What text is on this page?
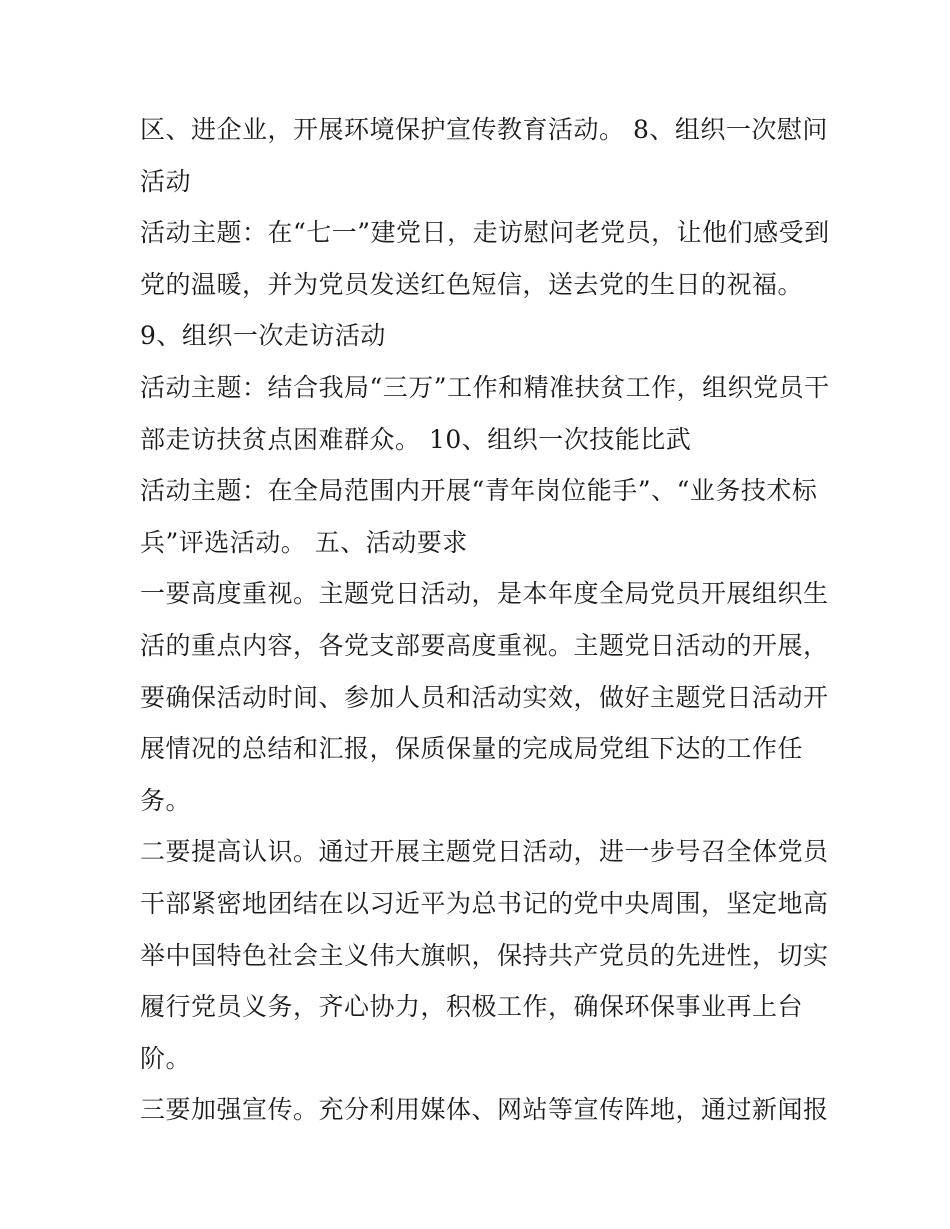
区、进企业，开展环境保护宣传教育活动。 8、组织一次慰问
活动
活动主题：在“七一”建党日，走访慰问老党员，让他们感受到
党的温暖，并为党员发送红色短信，送去党的生日的祝福。
9、组织一次走访活动
活动主题：结合我局“三万”工作和精准扶贫工作，组织党员干
部走访扶贫点困难群众。 10、组织一次技能比武
活动主题：在全局范围内开展“青年岗位能手”、“业务技术标
兵”评选活动。 五、活动要求
一要高度重视。主题党日活动，是本年度全局党员开展组织生
活的重点内容，各党支部要高度重视。主题党日活动的开展，
要确保活动时间、参加人员和活动实效，做好主题党日活动开
展情况的总结和汇报，保质保量的完成局党组下达的工作任
务。
二要提高认识。通过开展主题党日活动，进一步号召全体党员
干部紧密地团结在以习近平为总书记的党中央周围，坚定地高
举中国特色社会主义伟大旗帜，保持共产党员的先进性，切实
履行党员义务，齐心协力，积极工作，确保环保事业再上台
阶。
三要加强宣传。充分利用媒体、网站等宣传阵地，通过新闻报
